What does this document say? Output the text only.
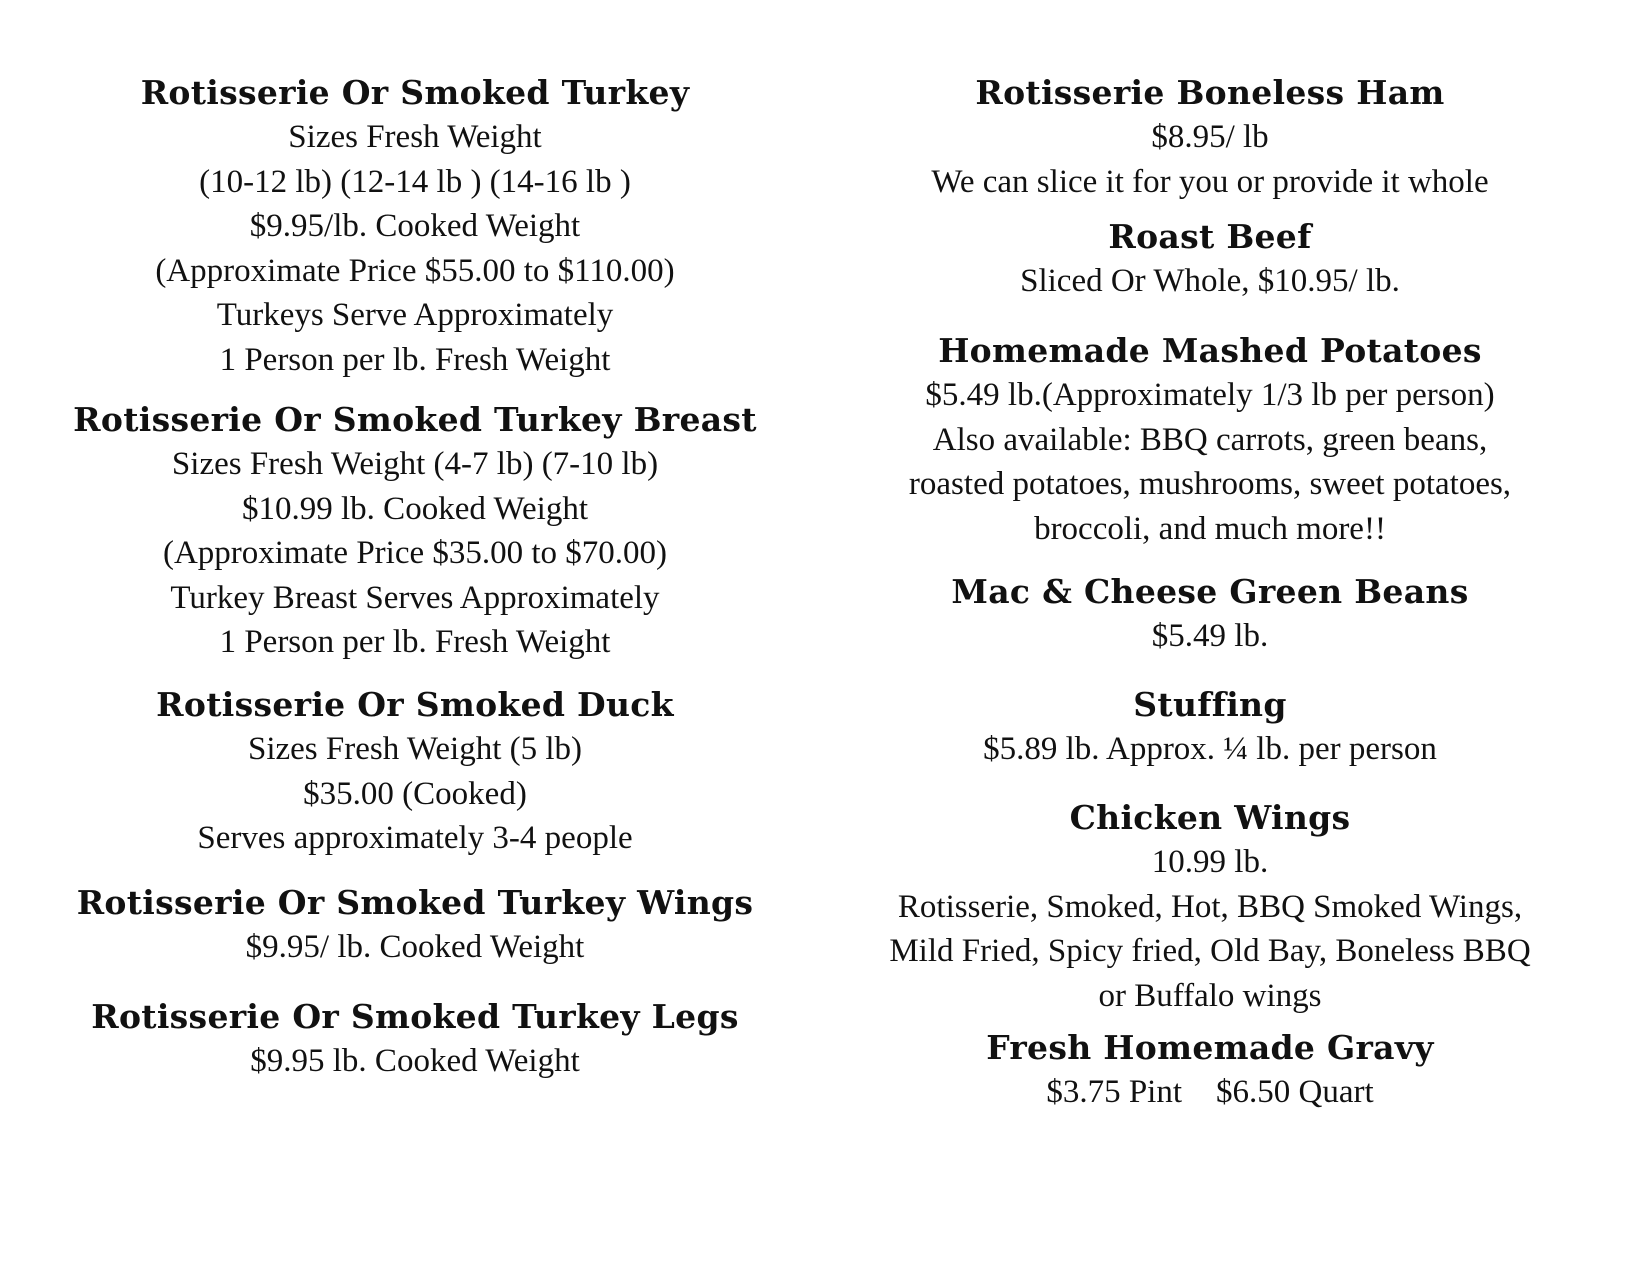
Rotisserie Or Smoked Turkey
Sizes Fresh Weight
(10-12 lb) (12-14 lb ) (14-16 lb )
$9.95/lb. Cooked Weight
(Approximate Price $55.00 to $110.00)
Turkeys Serve Approximately
1 Person per lb. Fresh Weight
Rotisserie Or Smoked Turkey Breast
Sizes Fresh Weight (4-7 lb) (7-10 lb)
$10.99 lb. Cooked Weight
(Approximate Price $35.00 to $70.00)
Turkey Breast Serves Approximately
1 Person per lb. Fresh Weight
Rotisserie Or Smoked Duck
Sizes Fresh Weight (5 lb)
$35.00 (Cooked)
Serves approximately 3-4 people
Rotisserie Or Smoked Turkey Wings
$9.95/ lb. Cooked Weight
Rotisserie Or Smoked Turkey Legs
$9.95 lb. Cooked Weight
Rotisserie Boneless Ham
$8.95/ lb
We can slice it for you or provide it whole
Roast Beef
Sliced Or Whole, $10.95/ lb.
Homemade Mashed Potatoes
$5.49 lb.(Approximately 1/3 lb per person)
Also available: BBQ carrots, green beans,
roasted potatoes, mushrooms, sweet potatoes,
broccoli, and much more!!
Mac & Cheese Green Beans
$5.49 lb.
Stuffing
$5.89 lb. Approx. ¼ lb. per person
Chicken Wings
10.99 lb.
Rotisserie, Smoked, Hot, BBQ Smoked Wings,
Mild Fried, Spicy fried, Old Bay, Boneless BBQ
or Buffalo wings
Fresh Homemade Gravy
$3.75 Pint $6.50 Quart
